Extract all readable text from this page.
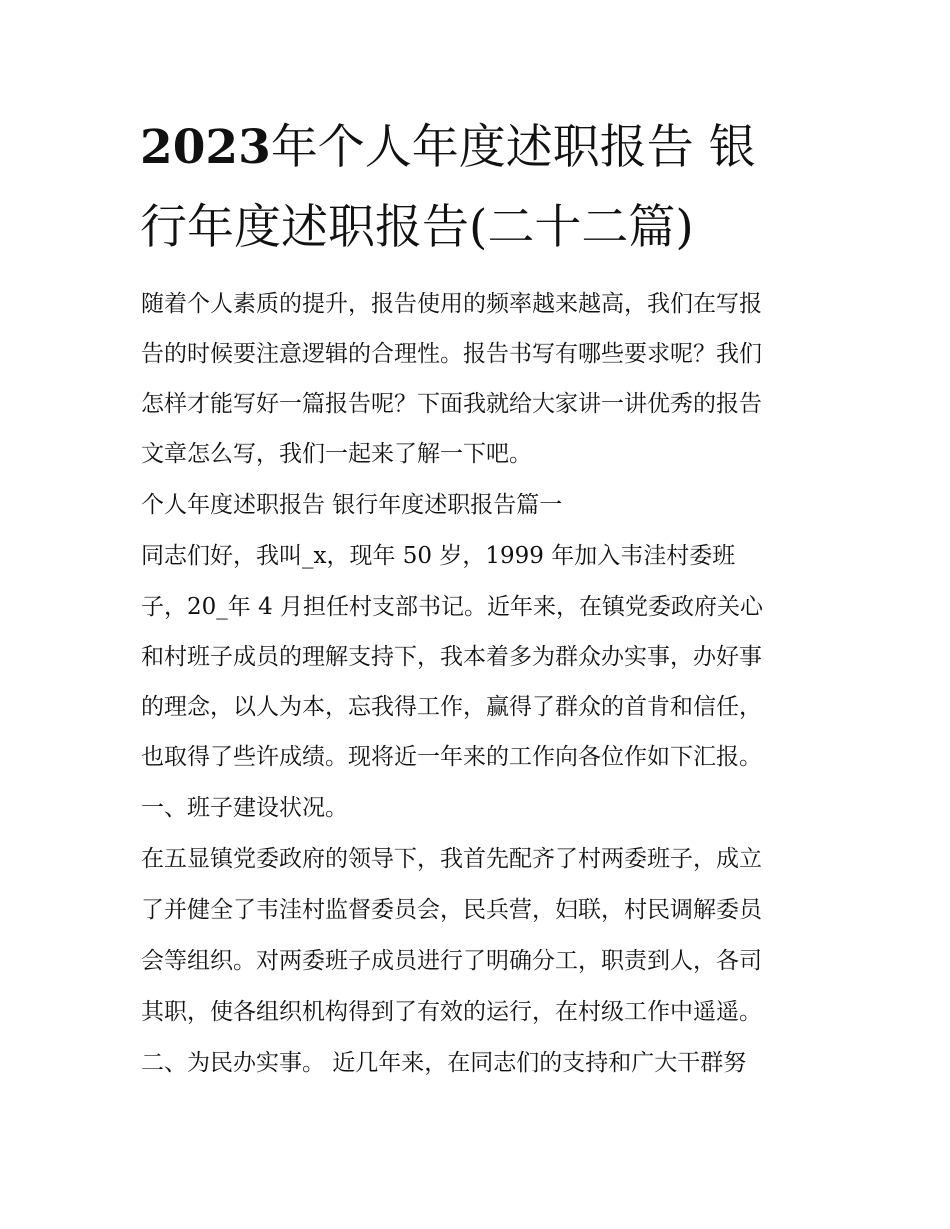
2023年个人年度述职报告 银
行年度述职报告(二十二篇)
随着个人素质的提升，报告使用的频率越来越高，我们在写报
告的时候要注意逻辑的合理性。报告书写有哪些要求呢？我们
怎样才能写好一篇报告呢？下面我就给大家讲一讲优秀的报告
文章怎么写，我们一起来了解一下吧。
个人年度述职报告 银行年度述职报告篇一
同志们好，我叫_x，现年 50 岁，1999 年加入韦洼村委班
子，20_年 4 月担任村支部书记。近年来，在镇党委政府关心
和村班子成员的理解支持下，我本着多为群众办实事，办好事
的理念，以人为本，忘我得工作，赢得了群众的首肯和信任，
也取得了些许成绩。现将近一年来的工作向各位作如下汇报。
一、班子建设状况。
在五显镇党委政府的领导下，我首先配齐了村两委班子，成立
了并健全了韦洼村监督委员会，民兵营，妇联，村民调解委员
会等组织。对两委班子成员进行了明确分工，职责到人，各司
其职，使各组织机构得到了有效的运行，在村级工作中遥遥。
二、为民办实事。 近几年来，在同志们的支持和广大干群努
